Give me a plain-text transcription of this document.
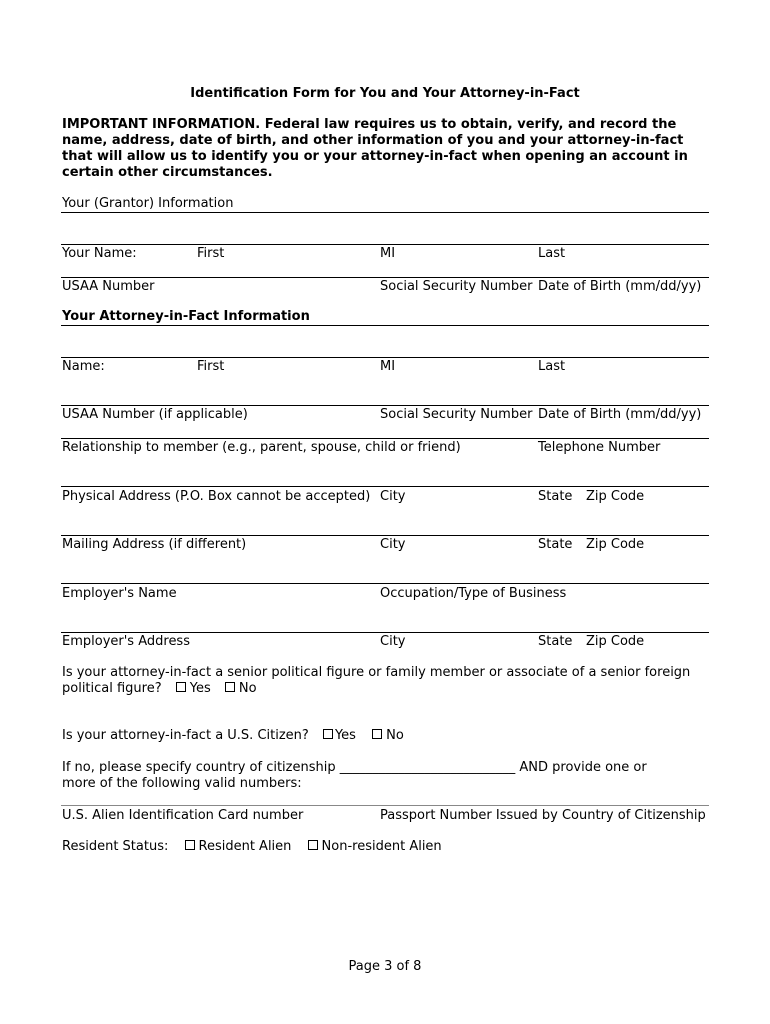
Identification Form for You and Your Attorney-in-Fact
IMPORTANT INFORMATION. Federal law requires us to obtain, verify, and record the name, address, date of birth, and other information of you and your attorney-in-fact that will allow us to identify you or your attorney-in-fact when opening an account in certain other circumstances.
Your (Grantor) Information
Your Name:	First	MI	Last
USAA Number	Social Security Number Date of Birth (mm/dd/yy)
Your Attorney-in-Fact Information
Name:	First	MI	Last
USAA Number (if applicable)	Social Security Number Date of Birth (mm/dd/yy)
Relationship to member (e.g., parent, spouse, child or friend)	Telephone Number
Physical Address (P.O. Box cannot be accepted) City	State Zip Code
Mailing Address (if different)	City	State Zip Code
Employer's Name	Occupation/Type of Business
Employer's Address	City	State Zip Code
Is your attorney-in-fact a senior political figure or family member or associate of a senior foreign
political figure? Yes No
Is your attorney-in-fact a U.S. Citizen? Yes No
If no, please specify country of citizenship ___________________________ AND provide one or
more of the following valid numbers:
U.S. Alien Identification Card number	Passport Number Issued by Country of Citizenship
Resident Status: Resident Alien Non-resident Alien
Page 3 of 8
